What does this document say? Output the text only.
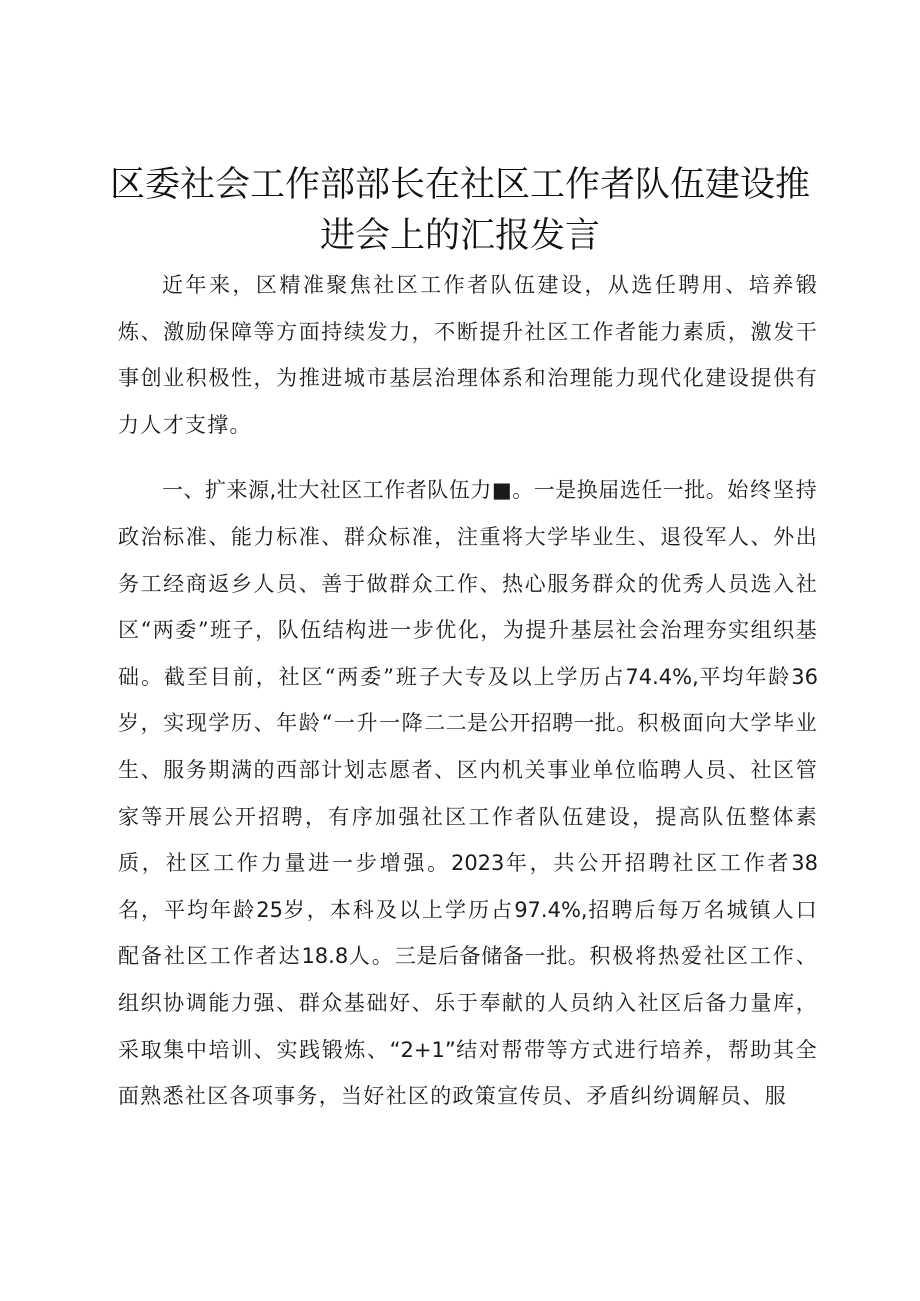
区委社会工作部部长在社区工作者队伍建设推
进会上的汇报发言

近年来，区精准聚焦社区工作者队伍建设，从选任聘用、培养锻炼、激励保障等方面持续发力，不断提升社区工作者能力素质，激发干事创业积极性，为推进城市基层治理体系和治理能力现代化建设提供有力人才支撑。

一、扩来源,壮大社区工作者队伍力■。一是换届选任一批。始终坚持政治标准、能力标准、群众标准，注重将大学毕业生、退役军人、外出务工经商返乡人员、善于做群众工作、热心服务群众的优秀人员选入社区“两委”班子，队伍结构进一步优化，为提升基层社会治理夯实组织基础。截至目前，社区“两委”班子大专及以上学历占74.4%,平均年龄36岁，实现学历、年龄“一升一降二二是公开招聘一批。积极面向大学毕业生、服务期满的西部计划志愿者、区内机关事业单位临聘人员、社区管家等开展公开招聘，有序加强社区工作者队伍建设，提高队伍整体素质，社区工作力量进一步增强。2023年，共公开招聘社区工作者38名，平均年龄25岁，本科及以上学历占97.4%,招聘后每万名城镇人口配备社区工作者达18.8人。三是后备储备一批。积极将热爱社区工作、组织协调能力强、群众基础好、乐于奉献的人员纳入社区后备力量库，采取集中培训、实践锻炼、“2+1”结对帮带等方式进行培养，帮助其全面熟悉社区各项事务，当好社区的政策宣传员、矛盾纠纷调解员、服
